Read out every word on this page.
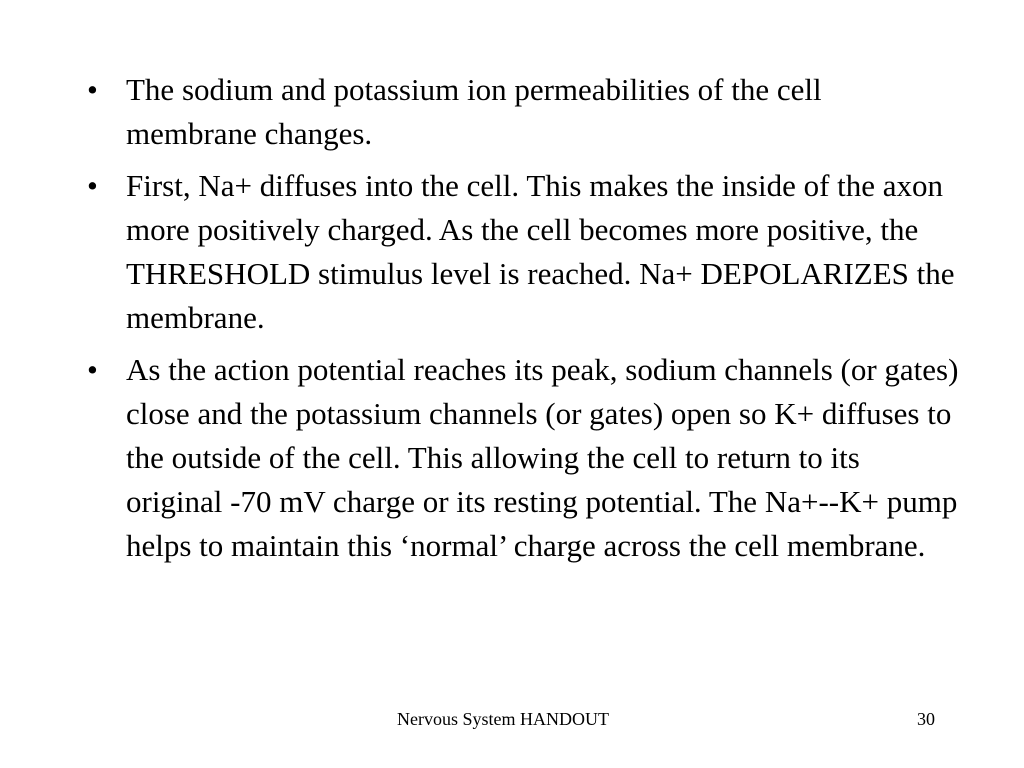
• The sodium and potassium ion permeabilities of the cell membrane changes.
• First, Na+ diffuses into the cell. This makes the inside of the axon more positively charged. As the cell becomes more positive, the THRESHOLD stimulus level is reached. Na+ DEPOLARIZES the membrane.
• As the action potential reaches its peak, sodium channels (or gates) close and the potassium channels (or gates) open so K+ diffuses to the outside of the cell. This allowing the cell to return to its original -70 mV charge or its resting potential. The Na+--K+ pump helps to maintain this ‘normal’ charge across the cell membrane.
Nervous System HANDOUT	30
